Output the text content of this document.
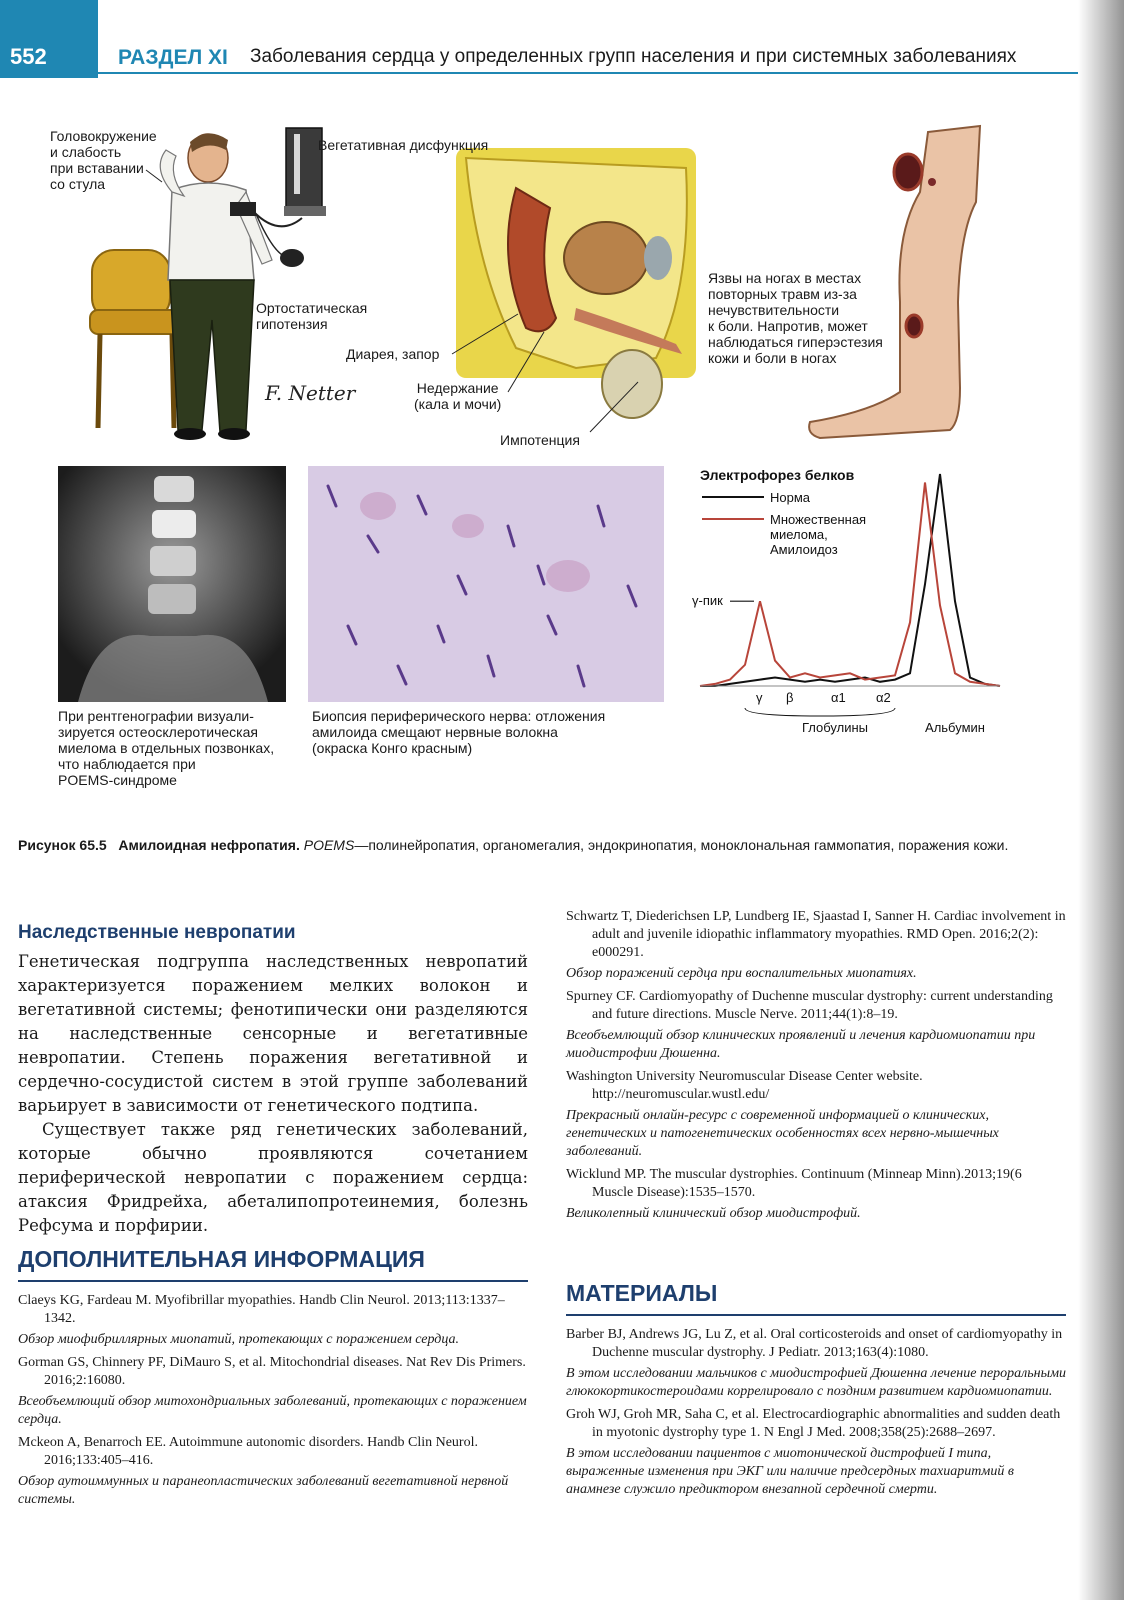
552	РАЗДЕЛ XI Заболевания сердца у определенных групп населения и при системных заболеваниях
F. Netter
Головокружение
и слабость
при вставании
со стула
Вегетативная дисфункция
Ортостатическая
гипотензия
Диарея, запор
Недержание
(кала и мочи)
Импотенция
Язвы на ногах в местах
повторных травм из-за
нечувствительности
к боли. Напротив, может
наблюдаться гиперэстезия
кожи и боли в ногах
При рентгенографии визуали-
зируется остеосклеротическая
миелома в отдельных позвонках,
что наблюдается при
POEMS-синдроме
Биопсия периферического нерва: отложения
амилоида смещают нервные волокна
(окраска Конго красным)
Электрофорез белков
Норма
Множественная
миелома,
Амилоидоз
γ-пик
γ β	α1 α2
Глобулины	Альбумин
Рисунок 65.5 Амилоидная нефропатия. POEMS—полинейропатия, органомегалия, эндокринопатия, моноклональная гаммопатия, поражения кожи.
Наследственные невропатии

Генетическая подгруппа наследственных невропатий характеризуется поражением мелких волокон и вегетативной системы; фенотипически они разделяются на наследственные сенсорные и вегетативные невропатии. Степень поражения вегетативной и сердечно-сосудистой систем в этой группе заболеваний варьирует в зависимости от генетического подтипа.

Существует также ряд генетических заболеваний, которые обычно проявляются сочетанием периферической невропатии с поражением сердца: атаксия Фридрейха, абеталипопротеинемия, болезнь Рефсума и порфирии.

ДОПОЛНИТЕЛЬНАЯ ИНФОРМАЦИЯ
Claeys KG, Fardeau M. Myofibrillar myopathies. Handb Clin Neurol. 2013;113:1337–1342.
Обзор миофибриллярных миопатий, протекающих с поражением сердца.
Gorman GS, Chinnery PF, DiMauro S, et al. Mitochondrial diseases. Nat Rev Dis Primers. 2016;2:16080.
Всеобъемлющий обзор митохондриальных заболеваний, протекающих с поражением сердца.
Mckeon A, Benarroch EE. Autoimmune autonomic disorders. Handb Clin Neurol. 2016;133:405–416.
Обзор аутоиммунных и паранеопластических заболеваний вегетативной нервной системы.
Schwartz T, Diederichsen LP, Lundberg IE, Sjaastad I, Sanner H. Cardiac involvement in adult and juvenile idiopathic inflammatory myopathies. RMD Open. 2016;2(2): e000291.
Обзор поражений сердца при воспалительных миопатиях.
Spurney CF. Cardiomyopathy of Duchenne muscular dystrophy: current understanding and future directions. Muscle Nerve. 2011;44(1):8–19.
Всеобъемлющий обзор клинических проявлений и лечения кардиомиопатии при миодистрофии Дюшенна.
Washington University Neuromuscular Disease Center website. http://neuromuscular.wustl.edu/
Прекрасный онлайн-ресурс с современной информацией о клинических, генетических и патогенетических особенностях всех нервно-мышечных заболеваний.
Wicklund MP. The muscular dystrophies. Continuum (Minneap Minn).2013;19(6 Muscle Disease):1535–1570.
Великолепный клинический обзор миодистрофий.
МАТЕРИАЛЫ
Barber BJ, Andrews JG, Lu Z, et al. Oral corticosteroids and onset of cardiomyopathy in Duchenne muscular dystrophy. J Pediatr. 2013;163(4):1080.
В этом исследовании мальчиков с миодистрофией Дюшенна лечение пероральными глюкокортикостероидами коррелировало с поздним развитием кардиомиопатии.
Groh WJ, Groh MR, Saha C, et al. Electrocardiographic abnormalities and sudden death in myotonic dystrophy type 1. N Engl J Med. 2008;358(25):2688–2697.
В этом исследовании пациентов с миотонической дистрофией I типа, выраженные изменения при ЭКГ или наличие предсердных тахиаритмий в анамнезе служило предиктором внезапной сердечной смерти.
